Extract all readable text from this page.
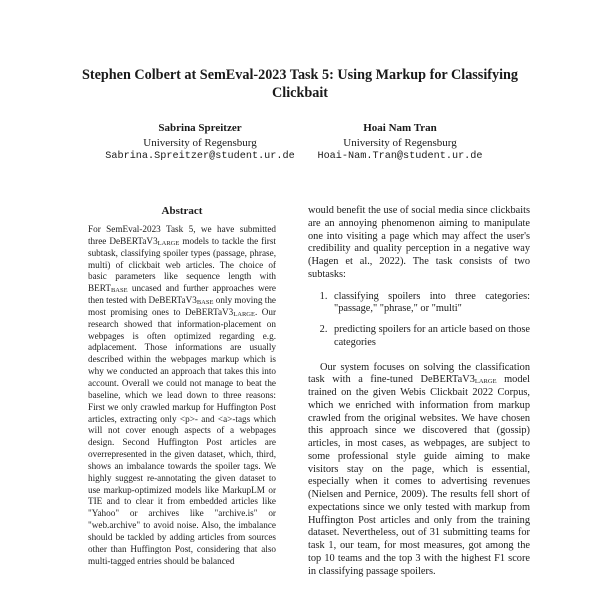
Stephen Colbert at SemEval-2023 Task 5: Using Markup for Classifying Clickbait
Sabrina Spreitzer
University of Regensburg
Sabrina.Spreitzer@student.ur.de
Hoai Nam Tran
University of Regensburg
Hoai-Nam.Tran@student.ur.de
Abstract
For SemEval-2023 Task 5, we have submitted three $DeBERTaV3_{LARGE}$ models to tackle the first subtask, classifying spoiler types (passage, phrase, multi) of clickbait web articles. The choice of basic parameters like sequence length with $BERT_{BASE}$ uncased and further approaches were then tested with $DeBERTaV3_{BASE}$ only moving the most promising ones to $DeBERTaV3_{LARGE}$. Our research showed that information-placement on webpages is often optimized regarding e.g. adplacement. Those informations are usually described within the webpages markup which is why we conducted an approach that takes this into account. Overall we could not manage to beat the baseline, which we lead down to three reasons: First we only crawled markup for Huffington Post articles, extracting only <p>- and <a>-tags which will not cover enough aspects of a webpages design. Second Huffington Post articles are overrepresented in the given dataset, which, third, shows an imbalance towards the spoiler tags. We highly suggest re-annotating the given dataset to use markup-optimized models like MarkupLM or TIE and to clear it from embedded articles like "Yahoo" or archives like "archive.is" or "web.archive" to avoid noise. Also, the imbalance should be tackled by adding articles from sources other than Huffington Post, considering that also multi-tagged entries should be balanced

would benefit the use of social media since clickbaits are an annoying phenomenon aiming to manipulate one into visiting a page which may affect the user's credibility and quality perception in a negative way (Hagen et al., 2022). The task consists of two subtasks:

1. classifying spoilers into three categories: "passage," "phrase," or "multi"
2. predicting spoilers for an article based on those categories

Our system focuses on solving the classification task with a fine-tuned $DeBERTaV3_{LARGE}$ model trained on the given Webis Clickbait 2022 Corpus, which we enriched with information from markup crawled from the original websites. We have chosen this approach since we discovered that (gossip) articles, in most cases, as webpages, are subject to some professional style guide aiming to make visitors stay on the page, which is essential, especially when it comes to advertising revenues (Nielsen and Pernice, 2009). The results fell short of expectations since we only tested with markup from Huffington Post articles and only from the training dataset. Nevertheless, out of 31 submitting teams for task 1, our team, for most measures, got among the top 10 teams and the top 3 with the highest F1 score in classifying passage spoilers.
